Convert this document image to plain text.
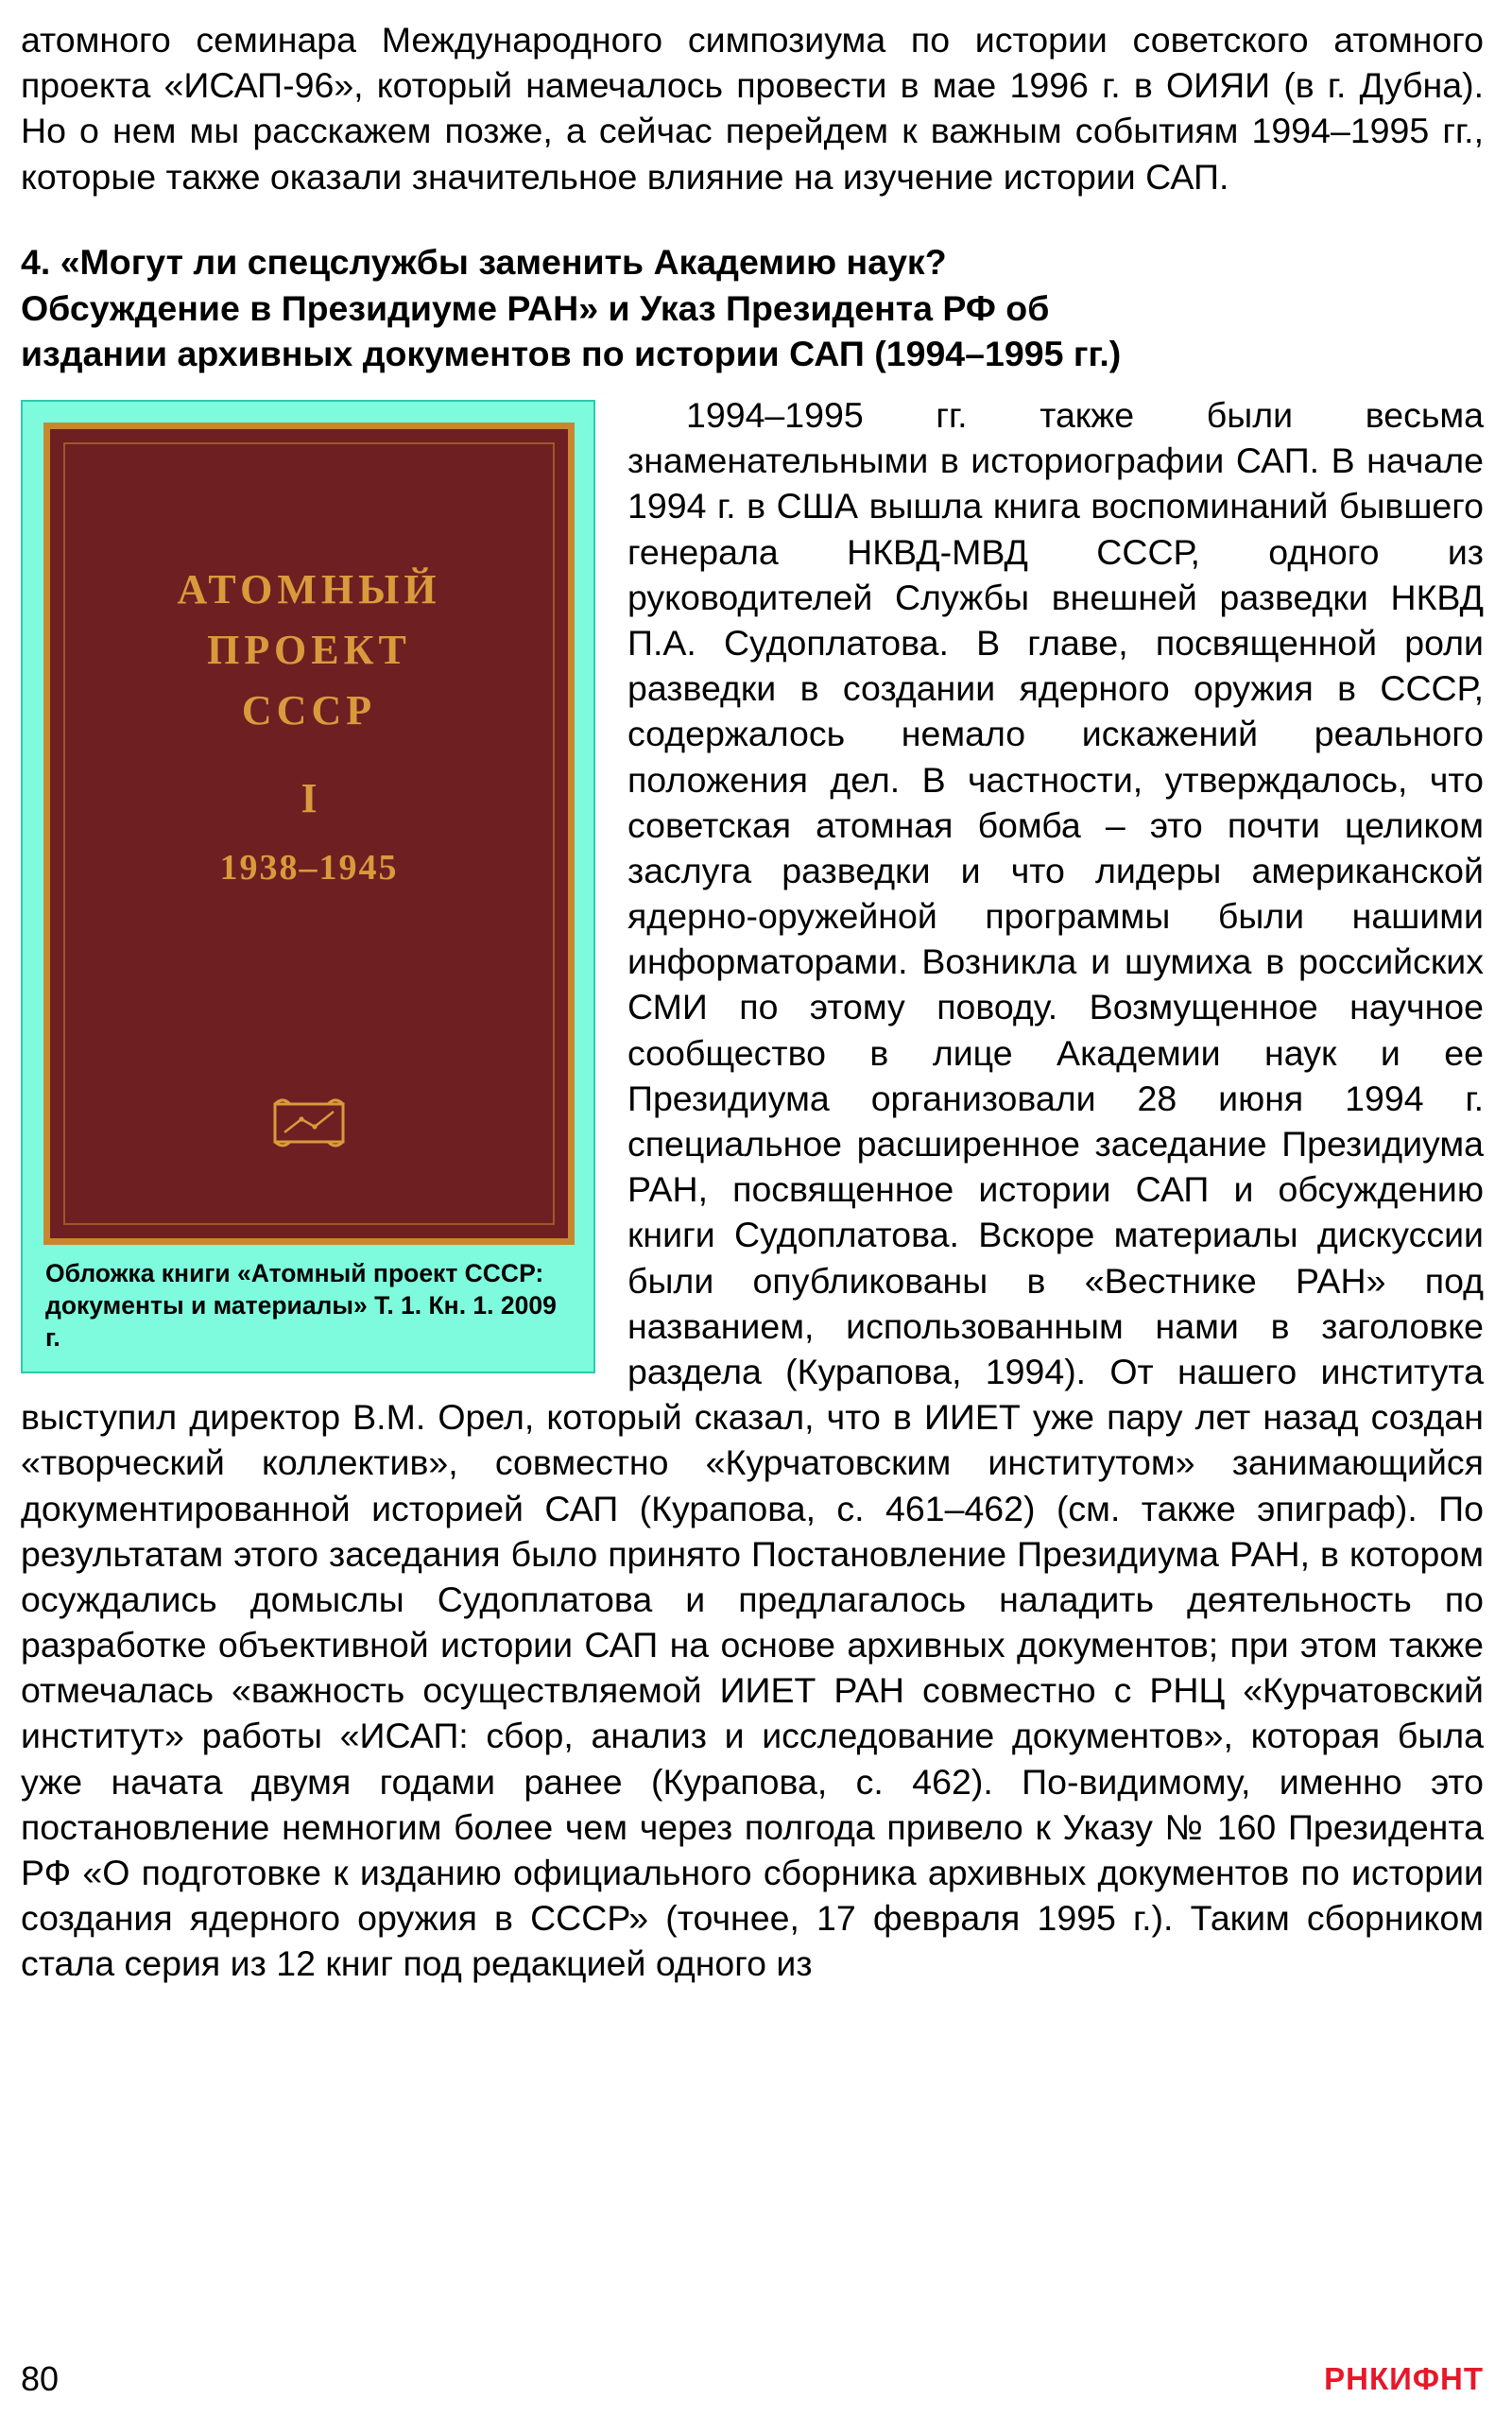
атомного семинара Международного симпозиума по истории советского атомного проекта «ИСАП-96», который намечалось провести в мае 1996 г. в ОИЯИ (в г. Дубна). Но о нем мы расскажем позже, а сейчас перейдем к важным событиям 1994–1995 гг., которые также оказали значительное влияние на изучение истории САП.

4. «Могут ли спецслужбы заменить Академию наук?
Обсуждение в Президиуме РАН» и Указ Президента РФ об
издании архивных документов по истории САП (1994–1995 гг.)
АТОМНЫЙ
ПРОЕКТ
СССР
I
1938–1945
Обложка книги «Атомный проект СССР: документы и материалы» Т. 1. Кн. 1. 2009 г.

1994–1995 гг. также были весьма знаменательными в историографии САП. В начале 1994 г. в США вышла книга воспоминаний бывшего генерала НКВД-МВД СССР, одного из руководителей Службы внешней разведки НКВД П.А. Судоплатова. В главе, посвященной роли разведки в создании ядерного оружия в СССР, содержалось немало искажений реального положения дел. В частности, утверждалось, что советская атомная бомба – это почти целиком заслуга разведки и что лидеры американской ядерно-оружейной программы были нашими информаторами. Возникла и шумиха в российских СМИ по этому поводу. Возмущенное научное сообщество в лице Академии наук и ее Президиума организовали 28 июня 1994 г. специальное расширенное заседание Президиума РАН, посвященное истории САП и обсуждению книги Судоплатова. Вскоре материалы дискуссии были опубликованы в «Вестнике РАН» под названием, использованным нами в заголовке раздела (Курапова, 1994). От нашего института выступил директор В.М. Орел, который сказал, что в ИИЕТ уже пару лет назад создан «творческий коллектив», совместно «Курчатовским институтом» занимающийся документированной историей САП (Курапова, с. 461–462) (см. также эпиграф). По результатам этого заседания было принято Постановление Президиума РАН, в котором осуждались домыслы Судоплатова и предлагалось наладить деятельность по разработке объективной истории САП на основе архивных документов; при этом также отмечалась «важность осуществляемой ИИЕТ РАН совместно с РНЦ «Курчатовский институт» работы «ИСАП: сбор, анализ и исследование документов», которая была уже начата двумя годами ранее (Курапова, с. 462). По-видимому, именно это постановление немногим более чем через полгода привело к Указу № 160 Президента РФ «О подготовке к изданию официального сборника архивных документов по истории создания ядерного оружия в СССР» (точнее, 17 февраля 1995 г.). Таким сборником стала серия из 12 книг под редакцией одного из

80	РНКИФНТ
